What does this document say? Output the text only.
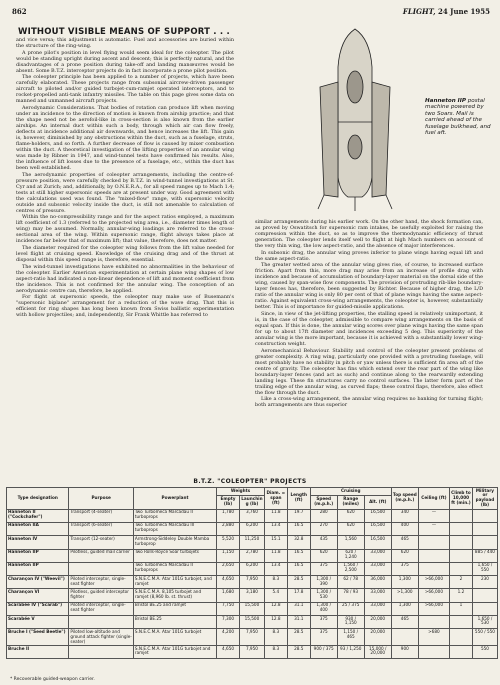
862	FLIGHT, 24 June 1955
WITHOUT VISIBLE MEANS OF SUPPORT . . .

and vice versa; this adjustment is automatic. Fuel and accessories are buried within the structure of the ring-wing.

A prone pilot's position in level flying would seem ideal for the coleopter. The pilot would be standing upright during ascent and descent; this is perfectly natural, and the disadvantages of a prone position during take-off and landing manœuvres would be absent. Some B.T.Z. interceptor projects do in fact incorporate a prone pilot position.

The coleopter principle has been applied to a number of projects, which have been carefully elaborated. These projects range from subsonial aircrew-driven passenger aircraft to piloted and/or guided turbojet-cum-ramjet operated interceptors, and to rocket-propelled anti-tank infantry missiles. The table on this page gives some data on manned and unmanned aircraft projects.

Aerodynamic Considerations. That bodies of rotation can produce lift when moving under an incidence to the direction of motion is known from airship practice; and that the shape need not be aerofoil-like in cross-section is also known from the earlier airships. An internal duct within such a body, through which air can flow freely, deflects at incidence additional air downwards, and hence increases the lift. This gain is, however, diminished by any obstructions within the duct, such as a fuselage, struts, flame-holders, and so forth. A further decrease of flow is caused by mixer combustion within the duct. A theoretical investigation of the lifting properties of an annular wing was made by Ribner in 1947, and wind-tunnel tests have confirmed his results. Also, the influence of lift losses due to the presence of a fuselage, etc., within the duct has been well established.

The aerodynamic properties of coleopter arrangements, including the centre-of-pressure position, were carefully checked by B.T.Z. in wind-tunnel investigations at St. Cyr and at Zurich; and, additionally, by O.N.E.R.A., for all speed ranges up to Mach 1.4; tests at still higher supersonic speeds are at present under way. Good agreement with the calculations used was found. The "mixed-flow" range, with supersonic velocity outside and subsonic velocity inside the duct, is still not amenable to calculation of centres of pressure.

Within the no-compressibility range and for the aspect ratios employed, a maximum lift coefficient of 1.3 (referred to the projected wing area, i.e., diameter times length of wing) may be assumed. Normally, annular-wing loadings are referred to the cross-sectional area of the wing. Within supersonic range, flight always takes place at incidences far below that of maximum lift; that value, therefore, does not matter.

The diameter required for the coleopter wing follows from the lift value needed for level flight at cruising speed. Knowledge of the cruising drag and of the thrust at disposal within this speed range is, therefore, essential.

The wind-tunnel investigations have exhibited no abnormalities in the behaviour of the coleopter. Earlier American experimentation at certain plane wing shapes of low aspect-ratio had indicated a non-linear dependence of lift and moment coefficient from the incidence. This is not confirmed for the annular wing. The conception of an aerodynamic centre can, therefore, be applied.

For flight at supersonic speeds, the coleopter may make use of Busemann's "supersonic biplane" arrangement for a reduction of the wave drag. That this is efficient for ring shapes has long been known from Swiss ballistic experimentation with hollow projectiles; and, independently, Sir Frank Whittle has referred to

Hanneton IIP postal machine powered by two Soars. Mail is carried ahead of the fuselage bulkhead, and fuel aft.

similar arrangements during his earlier work. On the other hand, the shock formation can, as proved by Oswatitsch for supersonic ram intakes, be usefully exploited for raising the compression within the duct, so as to improve the thermodynamic efficiency of thrust generation. The coleopter lends itself well to flight at high Mach numbers on account of the very thin wing, the low aspect-ratio, and the absence of major interferences.

In subsonic drag, the annular wing proves inferior to plane wings having equal lift and the same aspect-ratio.

The greater wetted area of the annular wing gives rise, of course, to increased surface friction. Apart from this, more drag may arise from an increase of profile drag with incidence and because of accumulation of boundary-layer material on the dorsal side of the wing, caused by span-wise flow components. The provision of protruding rib-like boundary-layer fences has, therefore, been suggested by Richter. Because of higher drag, the L/D ratio of the annular wing is only 80 per cent of that of plane wings having the same aspect-ratio. Against equivalent cross-wing arrangements, the coleopter is, however, substantially better. This is of importance for guided-missile applications.

Since, in view of the jet-lifting properties, the stalling speed is relatively unimportant, it is, in the case of the coleopter, admissible to compare wing arrangements on the basis of equal span. If this is done, the annular wing scores over plane wings having the same span for up to about 17ft diameter and incidences exceeding 5 deg. This superiority of the annular wing is the more important, because it is achieved with a substantially lower wing-construction weight.

Aeromechanical Behaviour. Stability and control of the coleopter present problems of greater complexity. A ring wing, particularly one provided with a protruding fuselage, will most probably have no stability in pitch or yaw unless there is sufficient fin area aft of the centre of gravity. The coleopter has fins which extend over the rear part of the wing like boundary-layer fences (and act as such) and continue along to the rearwardly extending landing legs. These fin structures carry no control surfaces. The latter form part of the trailing edge of the annular wing, as curved flaps; these control flaps, therefore, also effect the flow through the duct.

Like a cross-wing arrangement, the annular wing requires no banking for turning flight; both arrangements are thus superior

B.T.Z. "COLEOPTER" PROJECTS
Type designation	Purpose	Powerplant	Weights		Diam. = span (ft)	Length (ft)	Cruising			Top speed (m.p.h.)	Ceiling (ft)	Climb to 10,000 ft (min.)	Military or payload (lb)
			Empty (lb)	Launching (lb)			Speed (m.p.h.)	Range (miles)	Alt. (ft)				
Hanneton II ("Cockchafer")	Transport (4-seater)	Two Turbomeca Marcadau II turboprops	1,780	3,760	11.8	19.7	280	620	16,500	340	—		
Hanneton IIA	Transport (6-seater)	Two Turbomeca Marcadau III turboprops	2,880	6,200	13.4	16.5	270	620	16,500	400	—		
Hanneton IV	Transport (12-seater)	Armstrong-Siddeley Double Mamba turboprop	5,520	11,250	15.1	32.8	435	1,560	16,500	465			
Hanneton IIP	Pilotless, guided mail carrier	Two Rolls-Royce Soar turbojets	1,150	2,780	11.8	16.5	620	620 / 1,240	33,000	620			885 / 440
Hanneton IIP		Two Turbomeca Marcadau II turboprops	2,650	6,200	13.4	16.5	375	1,560 / 2,500	33,000	375			1,650 / 550
Charançon IV ("Weevil")	Piloted interceptor, single-seat fighter	S.N.E.C.M.A. Atar 101G turbojet, and ramjet	4,650	7,950	8.3	28.5	1,300 / 390	62 / 78	36,000	1,300	>66,000	2	230
Charançon VI	Pilotless, guided interceptor fighter	S.N.E.C.M.A. 8,105 turbojet and ramjet (8,960 lb. st. thrust)	1,680	3,180	5.4	17.8	1,300 / 530	78 / 93	33,000	>1,300	>66,000	1.2	
Scarabée IV ("Scarab")	Piloted interceptor, single-seat fighter	Bristol BE.25 and ramjet	7,750	15,500	12.8	31.1	1,300 / 400	25 / 375	33,000	1,300	>66,000	1	
Scarabée V		Bristol BE.25	7,300	15,500	12.8	31.1	375	930 / 1,150	20,000	465			1,650 / 530
Bruche I ("Seed Beetle")	Piloted low-altitude and ground attack fighter (single-seater)	S.N.E.C.M.A. Atar 101G turbojet	4,200	7,950	8.3	28.5	375	1,150 / 465	20,000		>680		550 / 550
Bruche II		S.N.E.C.M.A. Atar 101G turbojet and ramjet	4,650	7,950	8.3	28.5	900 / 375	93 / 1,250	15,000 / 20,000	900			550
* Recoverable guided-weapon carrier.
